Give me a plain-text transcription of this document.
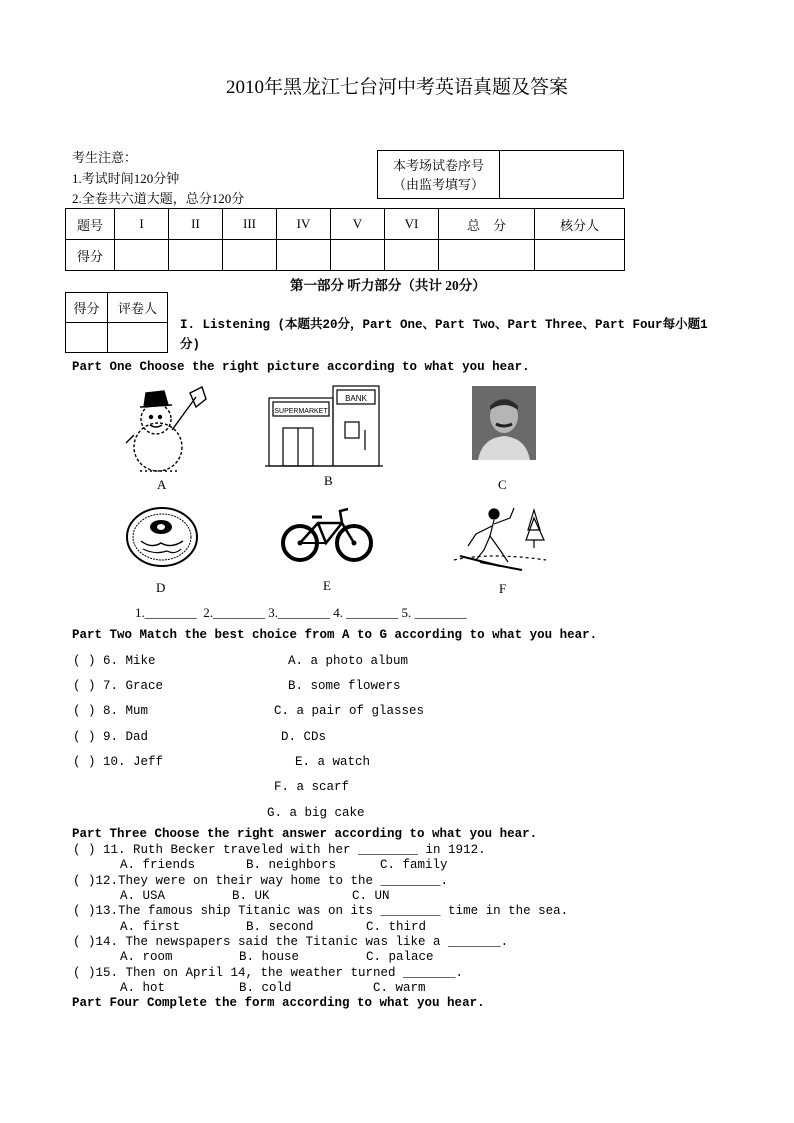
2010年黑龙江七台河中考英语真题及答案
考生注意：
1.考试时间120分钟
2.全卷共六道大题，总分120分
本考场试卷序号
（由监考填写）

题号	I	II	III	IV	V	VI	总　分	核分人
得分								
第一部分 听力部分（共计 20分）
得分	评卷人

I. Listening (本题共20分，Part One、Part Two、Part Three、Part Four每小题1分)
Part One Choose the right picture according to what you hear.
A
SUPERMARKET
BANK
B	C
D	E	F
1.________  2.________ 3.________ 4. ________ 5. ________
Part Two Match the best choice from A to G according to what you hear.
( ) 6. Mike
( ) 7. Grace
( ) 8. Mum
( ) 9. Dad
( ) 10. Jeff
A. a photo album
B. some flowers
C. a pair of glasses
D. CDs
E. a watch
F. a scarf
G. a big cake
Part Three Choose the right answer according to what you hear.
( ) 11. Ruth Becker traveled with her ________ in 1912.
A. friends	B. neighbors	C. family
( )12.They were on their way home to the ________.
A. USA	B. UK	C. UN
( )13.The famous ship Titanic was on its ________ time in the sea.
A. first	B. second	C. third
( )14. The newspapers said the Titanic was like a _______.
A. room	B. house	C. palace
( )15. Then on April 14, the weather turned _______.
A. hot	B. cold	C. warm
Part Four Complete the form according to what you hear.
